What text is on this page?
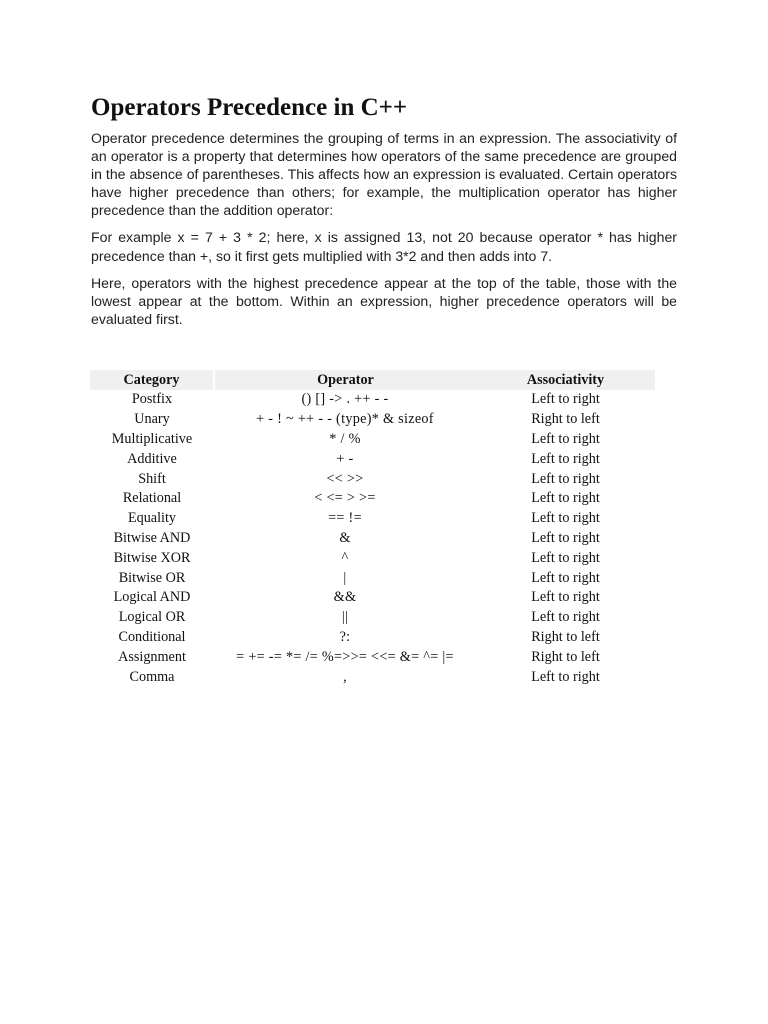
Operators Precedence in C++

Operator precedence determines the grouping of terms in an expression. The associativity of an operator is a property that determines how operators of the same precedence are grouped in the absence of parentheses. This affects how an expression is evaluated. Certain operators have higher precedence than others; for example, the multiplication operator has higher precedence than the addition operator:

For example x = 7 + 3 * 2; here, x is assigned 13, not 20 because operator * has higher precedence than +, so it first gets multiplied with 3*2 and then adds into 7.

Here, operators with the highest precedence appear at the top of the table, those with the lowest appear at the bottom. Within an expression, higher precedence operators will be evaluated first.

Category	Operator	Associativity
Postfix	() [] -> . ++ - -	Left to right
Unary	+ - ! ~ ++ - - (type)* & sizeof	Right to left
Multiplicative	* / %	Left to right
Additive	+ -	Left to right
Shift	<< >>	Left to right
Relational	< <= > >=	Left to right
Equality	== !=	Left to right
Bitwise AND	&	Left to right
Bitwise XOR	^	Left to right
Bitwise OR	|	Left to right
Logical AND	&&	Left to right
Logical OR	||	Left to right
Conditional	?:	Right to left
Assignment	= += -= *= /= %=>>= <<= &= ^= |=	Right to left
Comma	,	Left to right
